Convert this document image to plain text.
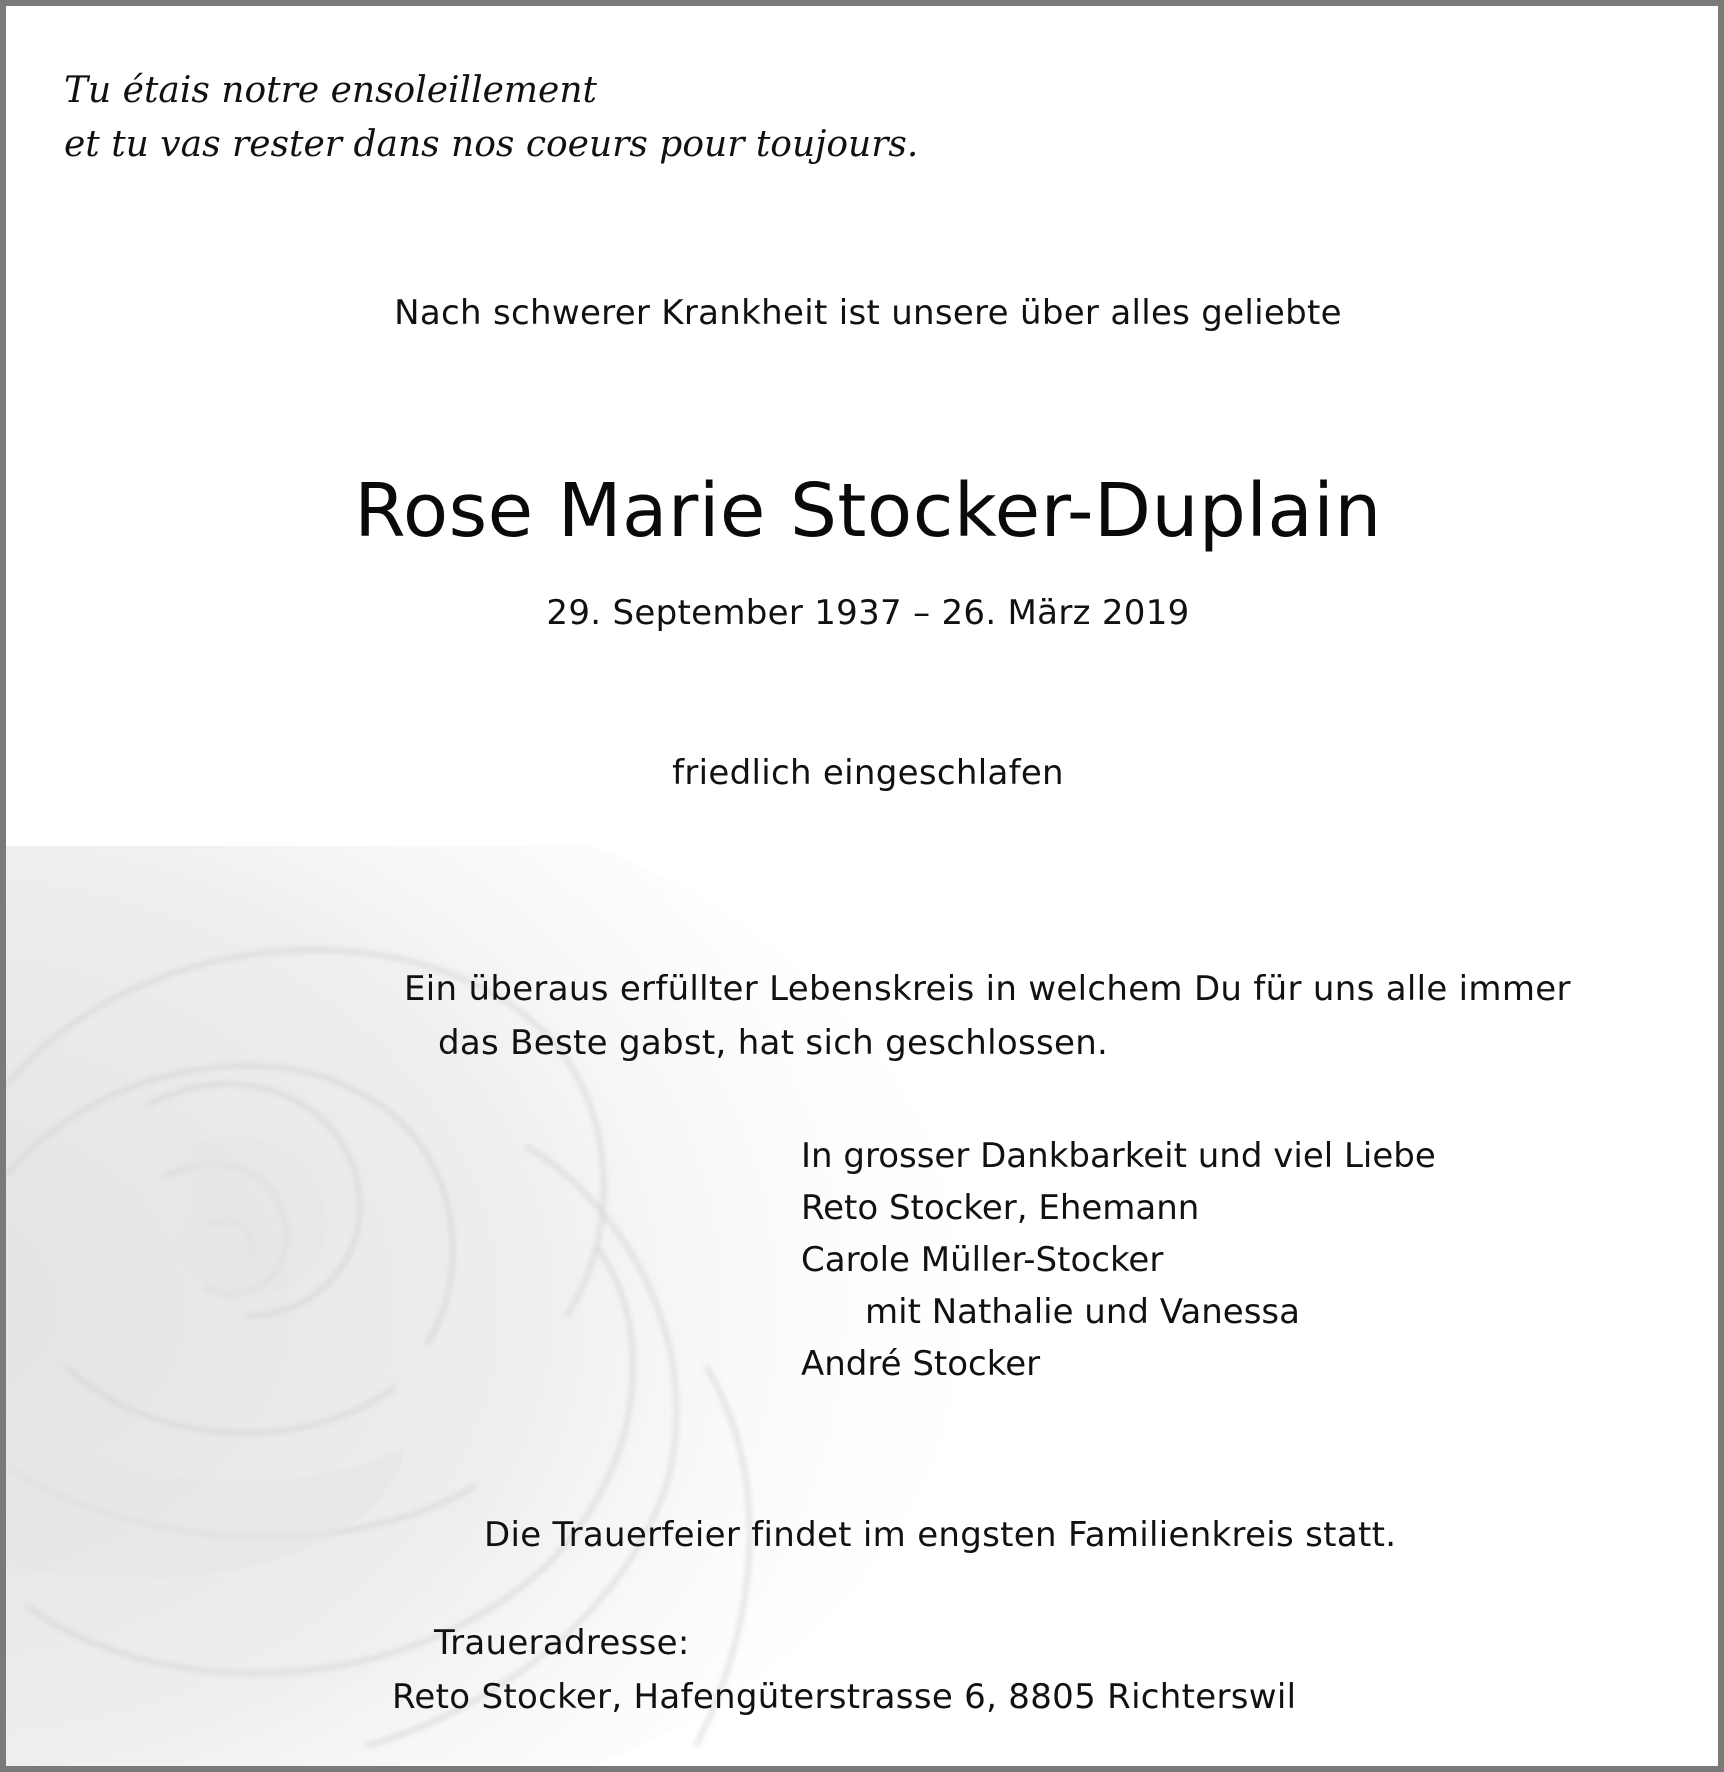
Tu étais notre ensoleillement
et tu vas rester dans nos coeurs pour toujours.
Nach schwerer Krankheit ist unsere über alles geliebte
Rose Marie Stocker-Duplain
29. September 1937 – 26. März 2019
friedlich eingeschlafen
Ein überaus erfüllter Lebenskreis in welchem Du für uns alle immer
das Beste gabst, hat sich geschlossen.
In grosser Dankbarkeit und viel Liebe
Reto Stocker, Ehemann
Carole Müller-Stocker
mit Nathalie und Vanessa
André Stocker
Die Trauerfeier findet im engsten Familienkreis statt.
Traueradresse:
Reto Stocker, Hafengüterstrasse 6, 8805 Richterswil
